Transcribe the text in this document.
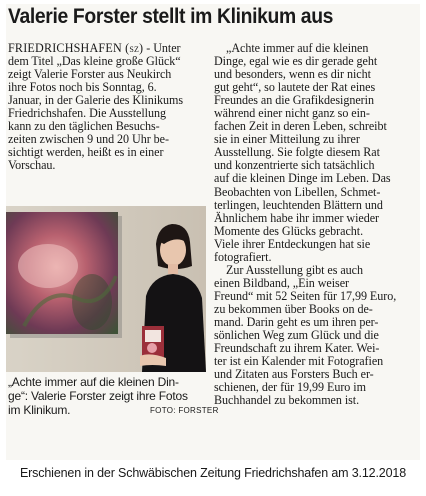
Valerie Forster stellt im Klinikum aus
FRIEDRICHSHAFEN (sz) - Unter
dem Titel „Das kleine große Glück“
zeigt Valerie Forster aus Neukirch
ihre Fotos noch bis Sonntag, 6.
Januar, in der Galerie des Klinikums
Friedrichshafen. Die Ausstellung
kann zu den täglichen Besuchs-
zeiten zwischen 9 und 20 Uhr be-
sichtigt werden, heißt es in einer
Vorschau.
„Achte immer auf die kleinen Din-
ge“: Valerie Forster zeigt ihre Fotos
im Klinikum.	FOTO: FORSTER
„Achte immer auf die kleinen
Dinge, egal wie es dir gerade geht
und besonders, wenn es dir nicht
gut geht“, so lautete der Rat eines
Freundes an die Grafikdesignerin
während einer nicht ganz so ein-
fachen Zeit in deren Leben, schreibt
sie in einer Mitteilung zu ihrer
Ausstellung. Sie folgte diesem Rat
und konzentrierte sich tatsächlich
auf die kleinen Dinge im Leben. Das
Beobachten von Libellen, Schmet-
terlingen, leuchtenden Blättern und
Ähnlichem habe ihr immer wieder
Momente des Glücks gebracht.
Viele ihrer Entdeckungen hat sie
fotografiert.
Zur Ausstellung gibt es auch
einen Bildband, „Ein weiser
Freund“ mit 52 Seiten für 17,99 Euro,
zu bekommen über Books on de-
mand. Darin geht es um ihren per-
sönlichen Weg zum Glück und die
Freundschaft zu ihrem Kater. Wei-
ter ist ein Kalender mit Fotografien
und Zitaten aus Forsters Buch er-
schienen, der für 19,99 Euro im
Buchhandel zu bekommen ist.
Erschienen in der Schwäbischen Zeitung Friedrichshafen am 3.12.2018
